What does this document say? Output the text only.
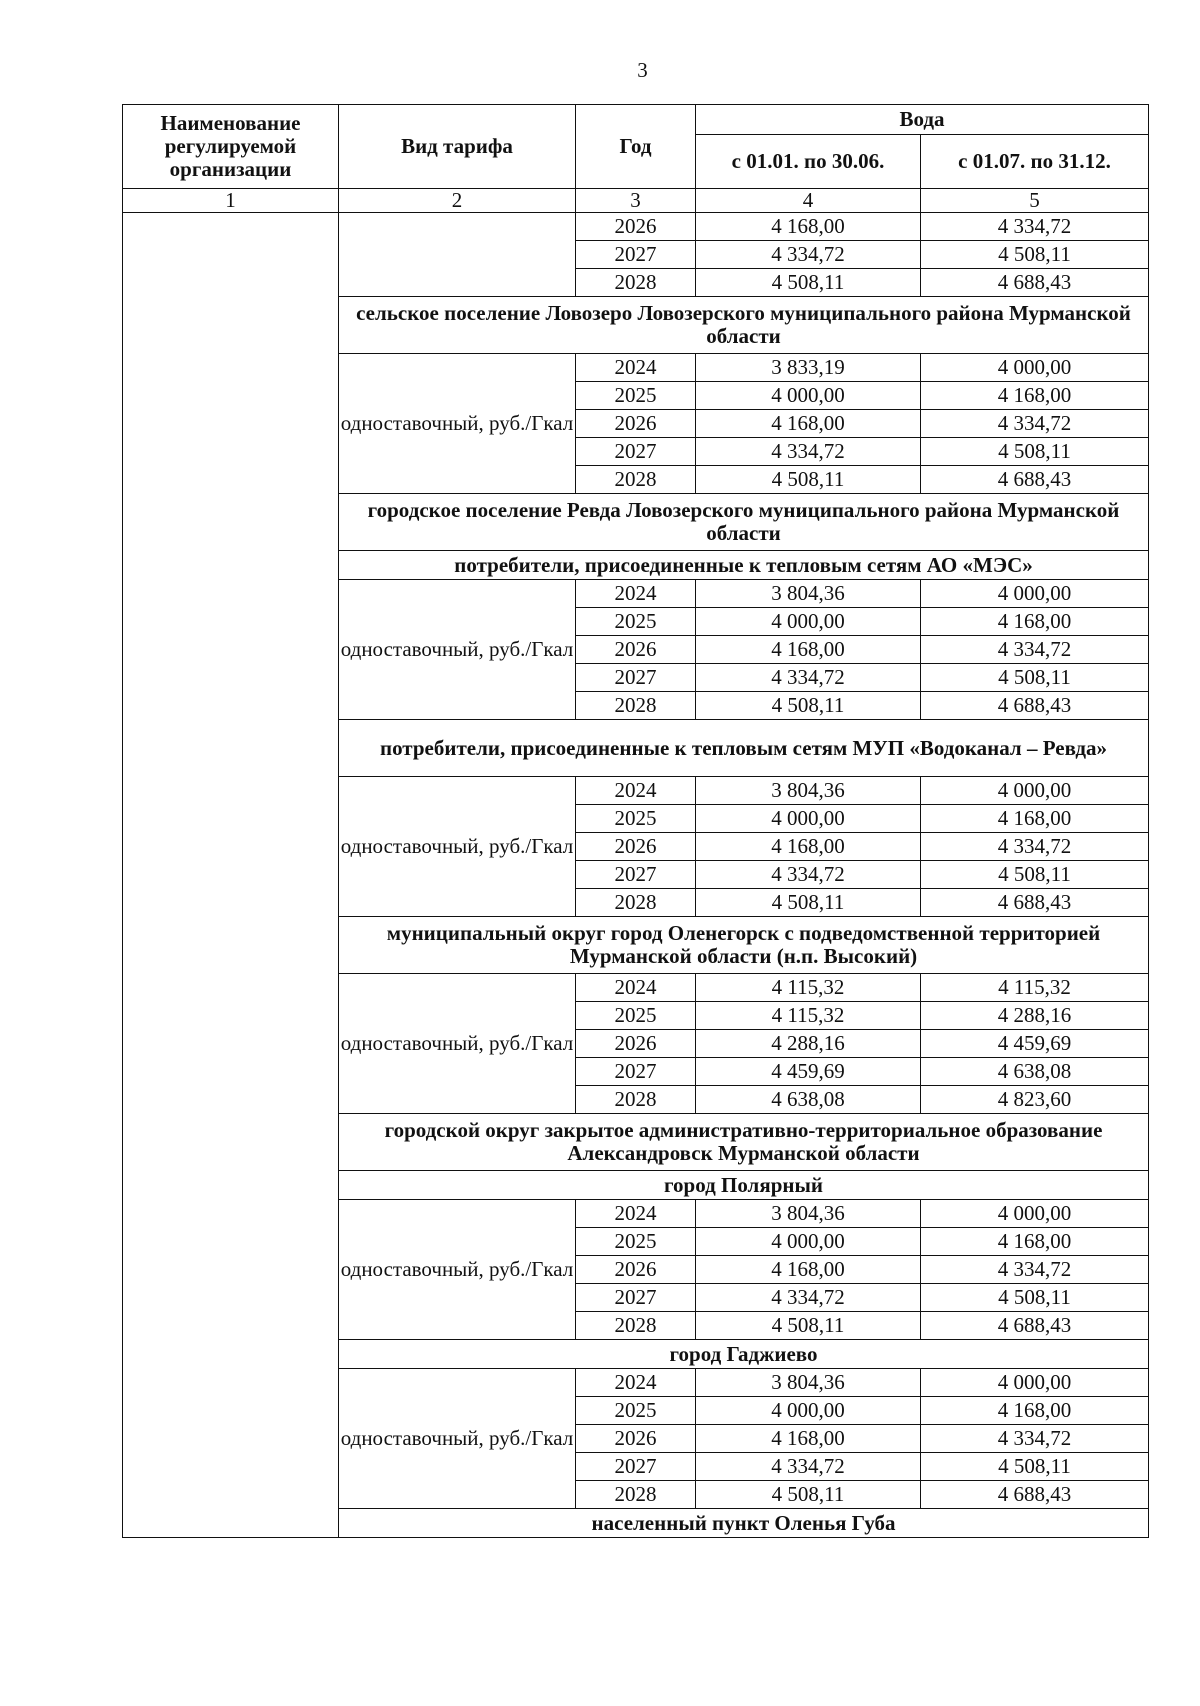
3
Наименование регулируемой организации	Вид тарифа	Год	Вода	
			с 01.01. по 30.06.	с 01.07. по 31.12.
1	2	3	4	5
		2026	4 168,00	4 334,72
		2027	4 334,72	4 508,11
		2028	4 508,11	4 688,43
	сельское поселение Ловозеро Ловозерского муниципального района Мурманской области			
	одноставочный, руб./Гкал	2024	3 833,19	4 000,00
		2025	4 000,00	4 168,00
		2026	4 168,00	4 334,72
		2027	4 334,72	4 508,11
		2028	4 508,11	4 688,43
	городское поселение Ревда Ловозерского муниципального района Мурманской области			
	потребители, присоединенные к тепловым сетям АО «МЭС»			
	одноставочный, руб./Гкал	2024	3 804,36	4 000,00
		2025	4 000,00	4 168,00
		2026	4 168,00	4 334,72
		2027	4 334,72	4 508,11
		2028	4 508,11	4 688,43
	потребители, присоединенные к тепловым сетям МУП «Водоканал – Ревда»			
	одноставочный, руб./Гкал	2024	3 804,36	4 000,00
		2025	4 000,00	4 168,00
		2026	4 168,00	4 334,72
		2027	4 334,72	4 508,11
		2028	4 508,11	4 688,43
	муниципальный округ город Оленегорск с подведомственной территорией Мурманской области (н.п. Высокий)			
	одноставочный, руб./Гкал	2024	4 115,32	4 115,32
		2025	4 115,32	4 288,16
		2026	4 288,16	4 459,69
		2027	4 459,69	4 638,08
		2028	4 638,08	4 823,60
	городской округ закрытое административно-территориальное образование Александровск Мурманской области			
	город Полярный			
	одноставочный, руб./Гкал	2024	3 804,36	4 000,00
		2025	4 000,00	4 168,00
		2026	4 168,00	4 334,72
		2027	4 334,72	4 508,11
		2028	4 508,11	4 688,43
	город Гаджиево			
	одноставочный, руб./Гкал	2024	3 804,36	4 000,00
		2025	4 000,00	4 168,00
		2026	4 168,00	4 334,72
		2027	4 334,72	4 508,11
		2028	4 508,11	4 688,43
	населенный пункт Оленья Губа			
